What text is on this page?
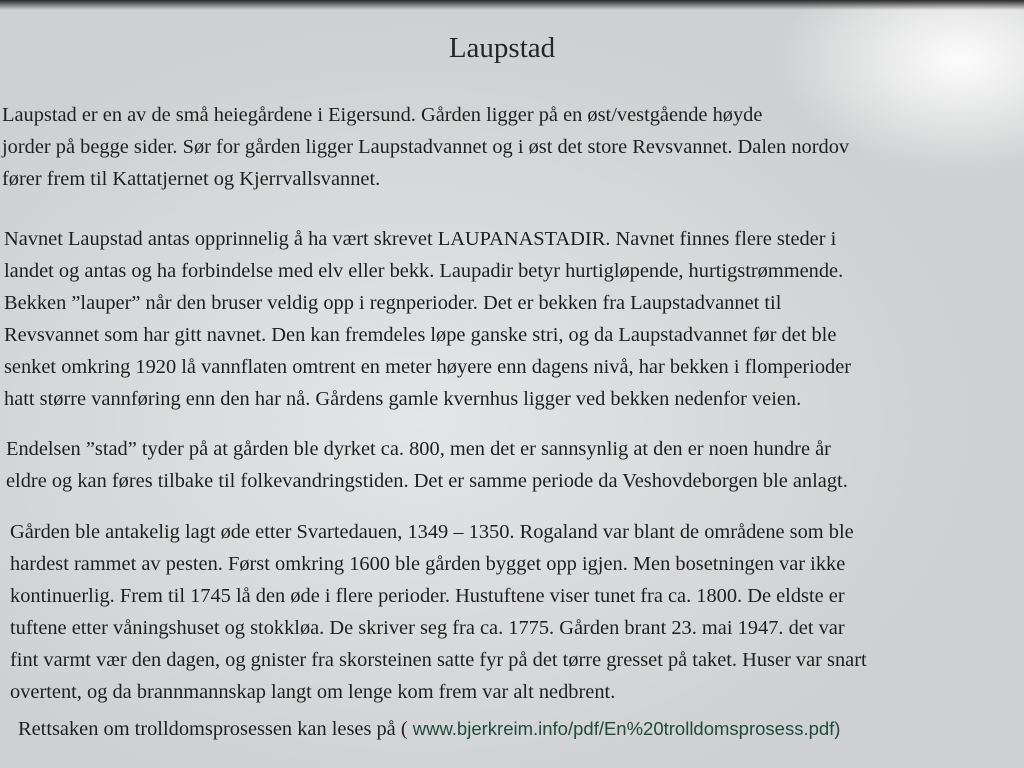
Laupstad

Laupstad er en av de små heiegårdene i Eigersund. Gården ligger på en øst/vestgående høyde
jorder på begge sider. Sør for gården ligger Laupstadvannet og i øst det store Revsvannet. Dalen nordov
fører frem til Kattatjernet og Kjerrvallsvannet.

Navnet Laupstad antas opprinnelig å ha vært skrevet LAUPANASTADIR. Navnet finnes flere steder i
landet og antas og ha forbindelse med elv eller bekk. Laupadir betyr hurtigløpende, hurtigstrømmende.
Bekken ”lauper” når den bruser veldig opp i regnperioder. Det er bekken fra Laupstadvannet til
Revsvannet som har gitt navnet. Den kan fremdeles løpe ganske stri, og da Laupstadvannet før det ble
senket omkring 1920 lå vannflaten omtrent en meter høyere enn dagens nivå, har bekken i flomperioder
hatt større vannføring enn den har nå. Gårdens gamle kvernhus ligger ved bekken nedenfor veien.

Endelsen ”stad” tyder på at gården ble dyrket ca. 800, men det er sannsynlig at den er noen hundre år
eldre og kan føres tilbake til folkevandringstiden. Det er samme periode da Veshovdeborgen ble anlagt.

Gården ble antakelig lagt øde etter Svartedauen, 1349 – 1350. Rogaland var blant de områdene som ble
hardest rammet av pesten. Først omkring 1600 ble gården bygget opp igjen. Men bosetningen var ikke
kontinuerlig. Frem til 1745 lå den øde i flere perioder. Hustuftene viser tunet fra ca. 1800. De eldste er
tuftene etter våningshuset og stokkløa. De skriver seg fra ca. 1775. Gården brant 23. mai 1947. det var
fint varmt vær den dagen, og gnister fra skorsteinen satte fyr på det tørre gresset på taket. Huser var snart
overtent, og da brannmannskap langt om lenge kom frem var alt nedbrent.

Rettsaken om trolldomsprosessen kan leses på ( www.bjerkreim.info/pdf/En%20trolldomsprosess.pdf)
